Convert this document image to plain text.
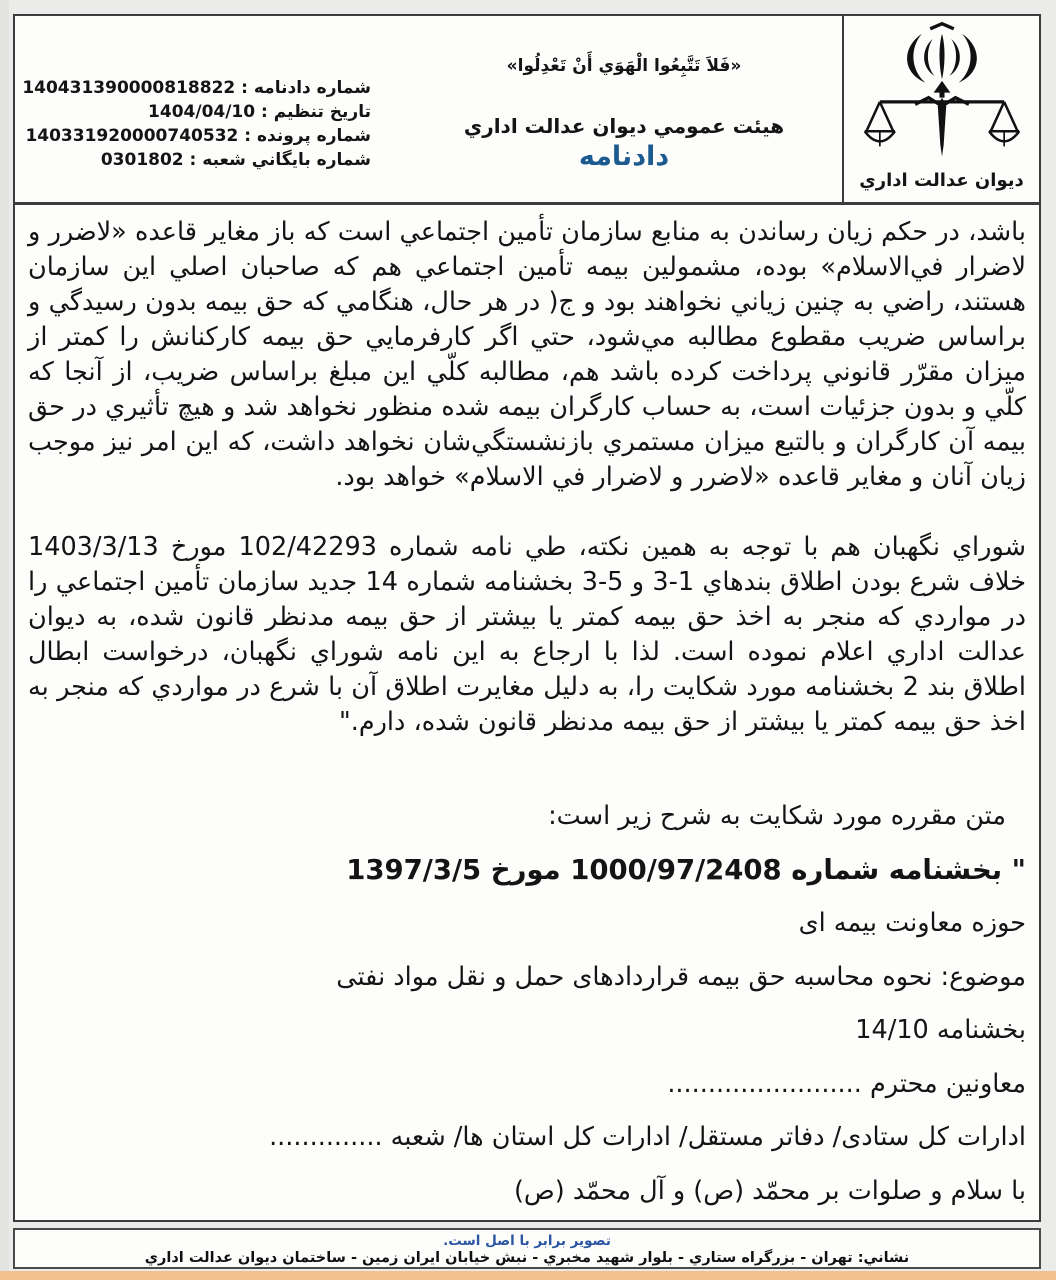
شماره دادنامه : 140431390000818822
تاريخ تنظيم : 1404/04/10
شماره پرونده : 140331920000740532
شماره بايگاني شعبه : 0301802
«فَلاَ تَتَّبِعُوا الْهَوَي أَنْ تَعْدِلُوا»
هيئت عمومي ديوان عدالت اداري
دادنامه
ديوان عدالت اداري

باشد، در حكم زيان رساندن به منابع سازمان تأمين اجتماعي است كه باز مغاير قاعده «لاضرر و لاضرار في‌الاسلام» بوده، مشمولين بيمه تأمين اجتماعي هم كه صاحبان اصلي اين سازمان هستند، راضي به چنين زياني نخواهند بود و ج( در هر حال، هنگامي كه حق بيمه بدون رسيدگي و براساس ضريب مقطوع مطالبه مي‌شود، حتي اگر كارفرمايي حق بيمه كاركنانش را كمتر از ميزان مقرّر قانوني پرداخت كرده باشد هم، مطالبه كلّي اين مبلغ براساس ضريب، از آنجا كه كلّي و بدون جزئيات است، به حساب كارگران بيمه شده منظور نخواهد شد و هيچ تأثيري در حق بيمه آن كارگران و بالتبع ميزان مستمري بازنشستگي‌شان نخواهد داشت، كه اين امر نيز موجب زيان آنان و مغاير قاعده «لاضرر و لاضرار في الاسلام» خواهد بود.

شوراي نگهبان هم با توجه به همين نكته، طي نامه شماره 102/42293 مورخ 1403/3/13 خلاف شرع بودن اطلاق بندهاي 1-3 و 5-3 بخشنامه شماره 14 جديد سازمان تأمين اجتماعي را در مواردي كه منجر به اخذ حق بيمه كمتر يا بيشتر از حق بيمه مدنظر قانون شده، به ديوان عدالت اداري اعلام نموده است. لذا با ارجاع به اين نامه شوراي نگهبان، درخواست ابطال اطلاق بند 2 بخشنامه مورد شكايت را، به دليل مغايرت اطلاق آن با شرع در مواردي كه منجر به اخذ حق بيمه كمتر يا بيشتر از حق بيمه مدنظر قانون شده، دارم."

متن مقرره مورد شكايت به شرح زير است:
" بخشنامه شماره 1000/97/2408 مورخ 1397/3/5
حوزه معاونت بيمه اى
موضوع: نحوه محاسبه حق بيمه قراردادهاى حمل و نقل مواد نفتى
بخشنامه 14/10
معاونين محترم ........................
ادارات كل ستادى/ دفاتر مستقل/ ادارات كل استان ها/ شعبه ..............
با سلام و صلوات بر محمّد (ص) و آل محمّد (ص)
تصوير برابر با اصل است.
نشاني: تهران - بزرگراه ستاري - بلوار شهيد مخبري - نبش خيابان ايران زمين - ساختمان ديوان عدالت اداري
